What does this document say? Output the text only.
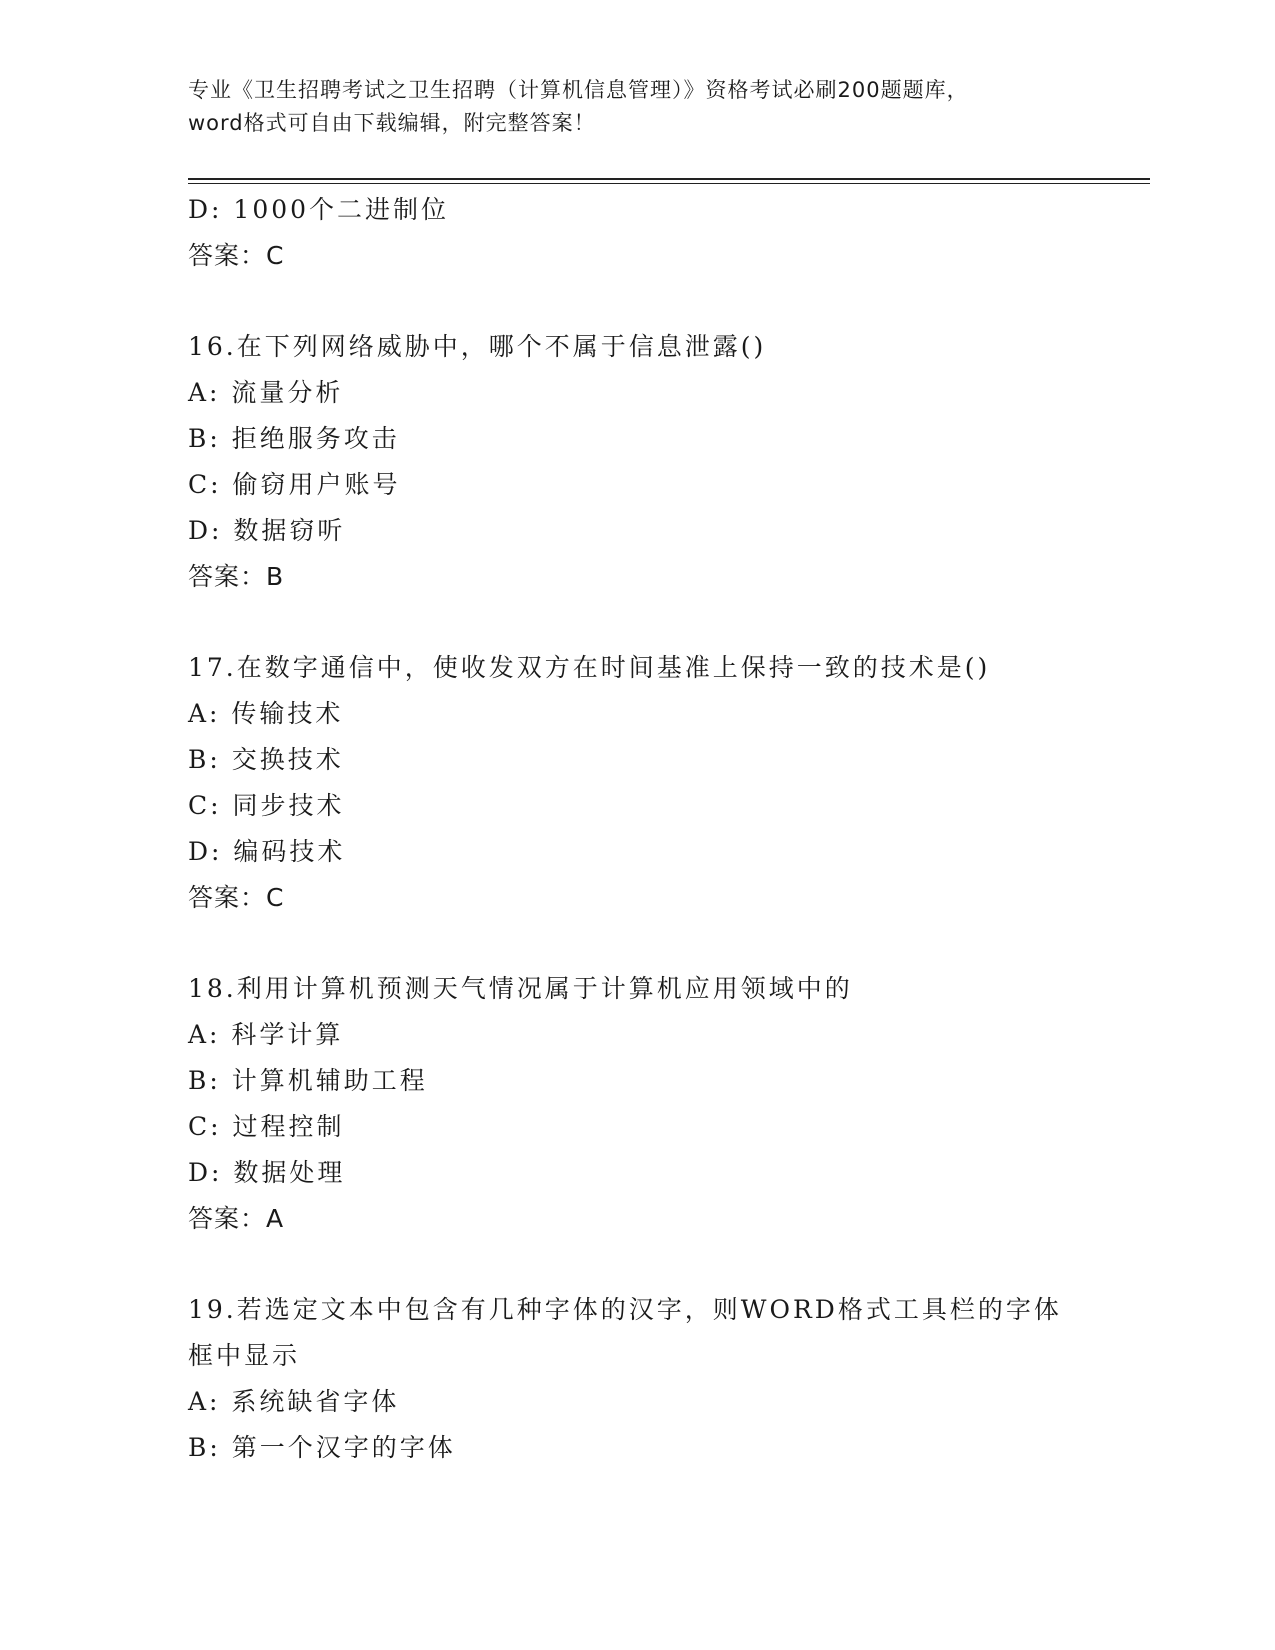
专业《卫生招聘考试之卫生招聘（计算机信息管理）》资格考试必刷200题题库，
word格式可自由下载编辑，附完整答案！
D: 1000个二进制位
答案：C
16.在下列网络威胁中，哪个不属于信息泄露()
A: 流量分析
B: 拒绝服务攻击
C: 偷窃用户账号
D: 数据窃听
答案：B
17.在数字通信中，使收发双方在时间基准上保持一致的技术是()
A: 传输技术
B: 交换技术
C: 同步技术
D: 编码技术
答案：C
18.利用计算机预测天气情况属于计算机应用领域中的
A: 科学计算
B: 计算机辅助工程
C: 过程控制
D: 数据处理
答案：A
19.若选定文本中包含有几种字体的汉字，则WORD格式工具栏的字体
框中显示
A: 系统缺省字体
B: 第一个汉字的字体
